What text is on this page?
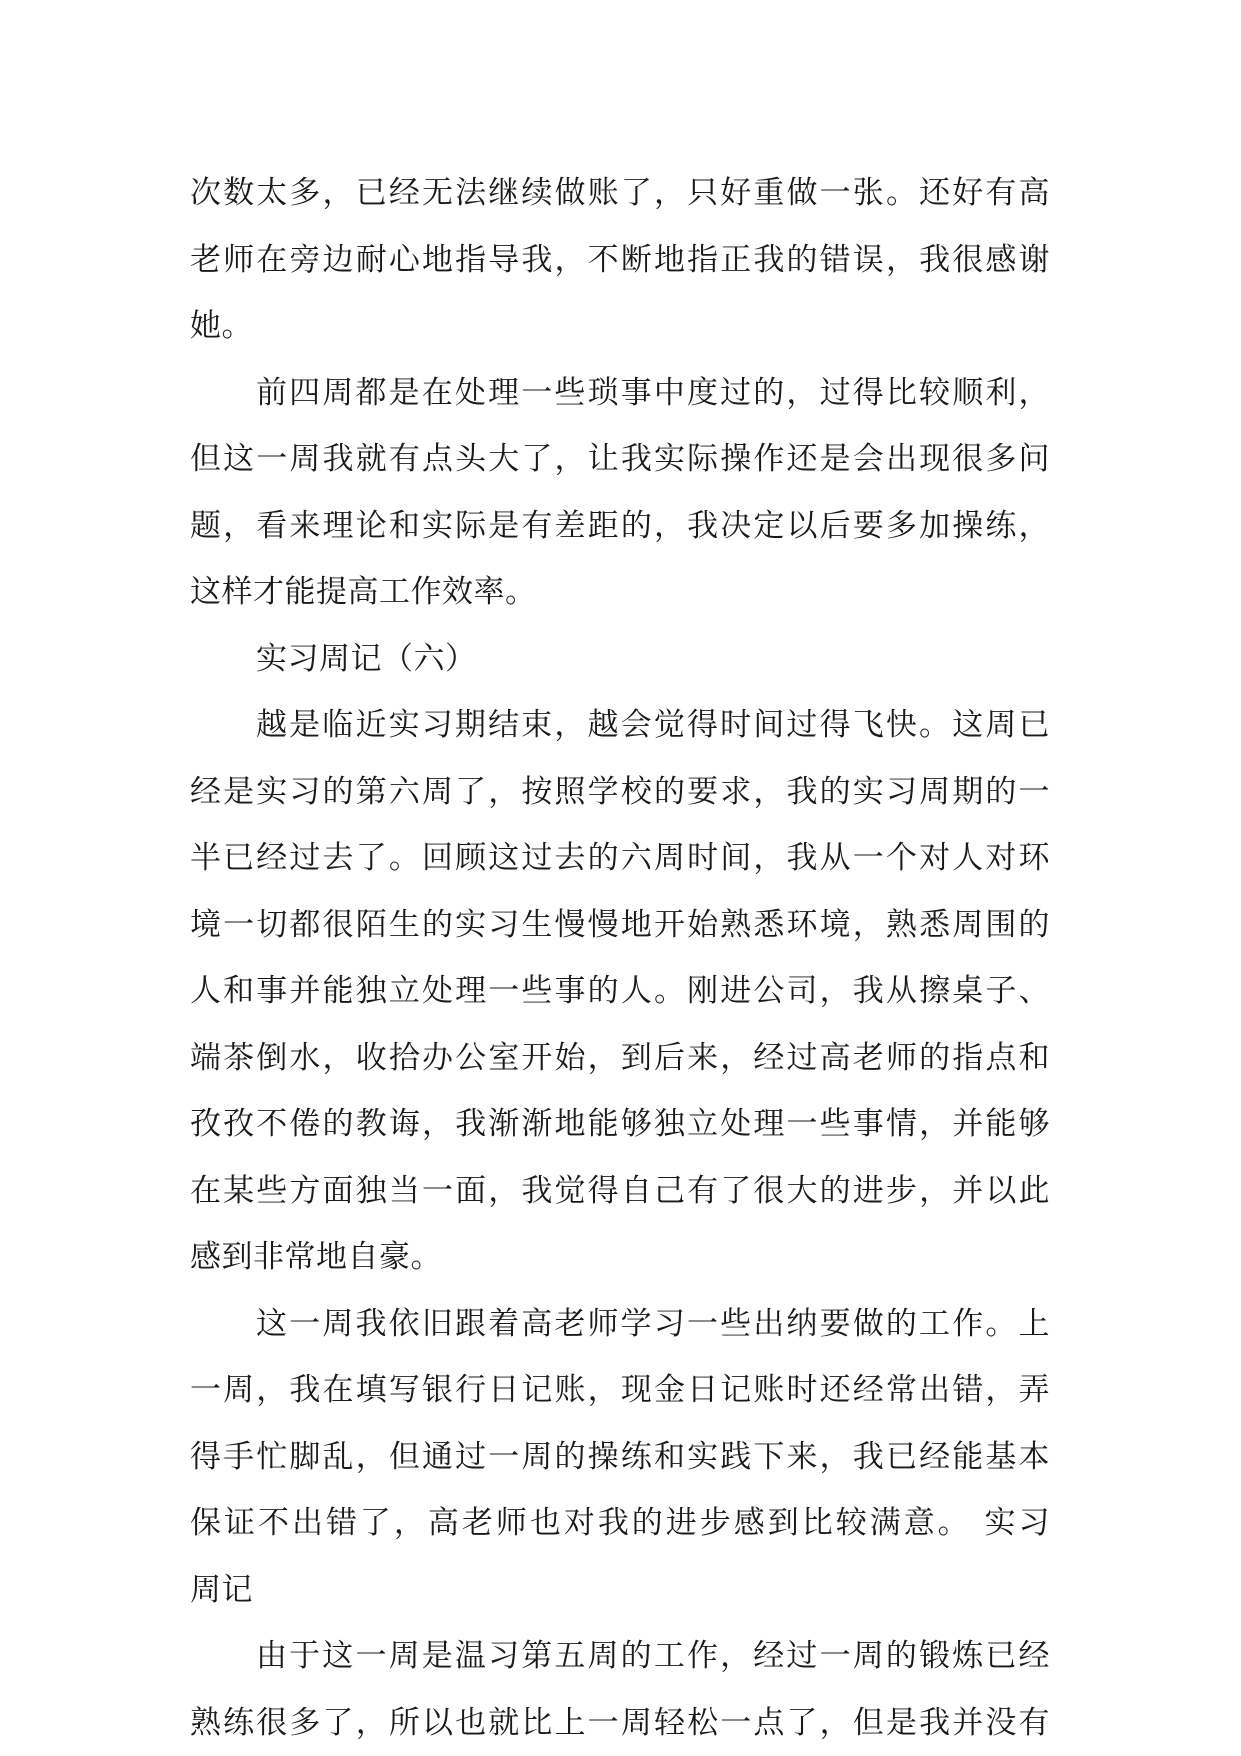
次数太多，已经无法继续做账了，只好重做一张。还好有高
老师在旁边耐心地指导我，不断地指正我的错误，我很感谢
她。
前四周都是在处理一些琐事中度过的，过得比较顺利，
但这一周我就有点头大了，让我实际操作还是会出现很多问
题，看来理论和实际是有差距的，我决定以后要多加操练，
这样才能提高工作效率。
实习周记（六）
越是临近实习期结束，越会觉得时间过得飞快。这周已
经是实习的第六周了，按照学校的要求，我的实习周期的一
半已经过去了。回顾这过去的六周时间，我从一个对人对环
境一切都很陌生的实习生慢慢地开始熟悉环境，熟悉周围的
人和事并能独立处理一些事的人。刚进公司，我从擦桌子、
端茶倒水，收拾办公室开始，到后来，经过高老师的指点和
孜孜不倦的教诲，我渐渐地能够独立处理一些事情，并能够
在某些方面独当一面，我觉得自己有了很大的进步，并以此
感到非常地自豪。
这一周我依旧跟着高老师学习一些出纳要做的工作。上
一周，我在填写银行日记账，现金日记账时还经常出错，弄
得手忙脚乱，但通过一周的操练和实践下来，我已经能基本
保证不出错了，高老师也对我的进步感到比较满意。 实习
周记
由于这一周是温习第五周的工作，经过一周的锻炼已经
熟练很多了，所以也就比上一周轻松一点了，但是我并没有
